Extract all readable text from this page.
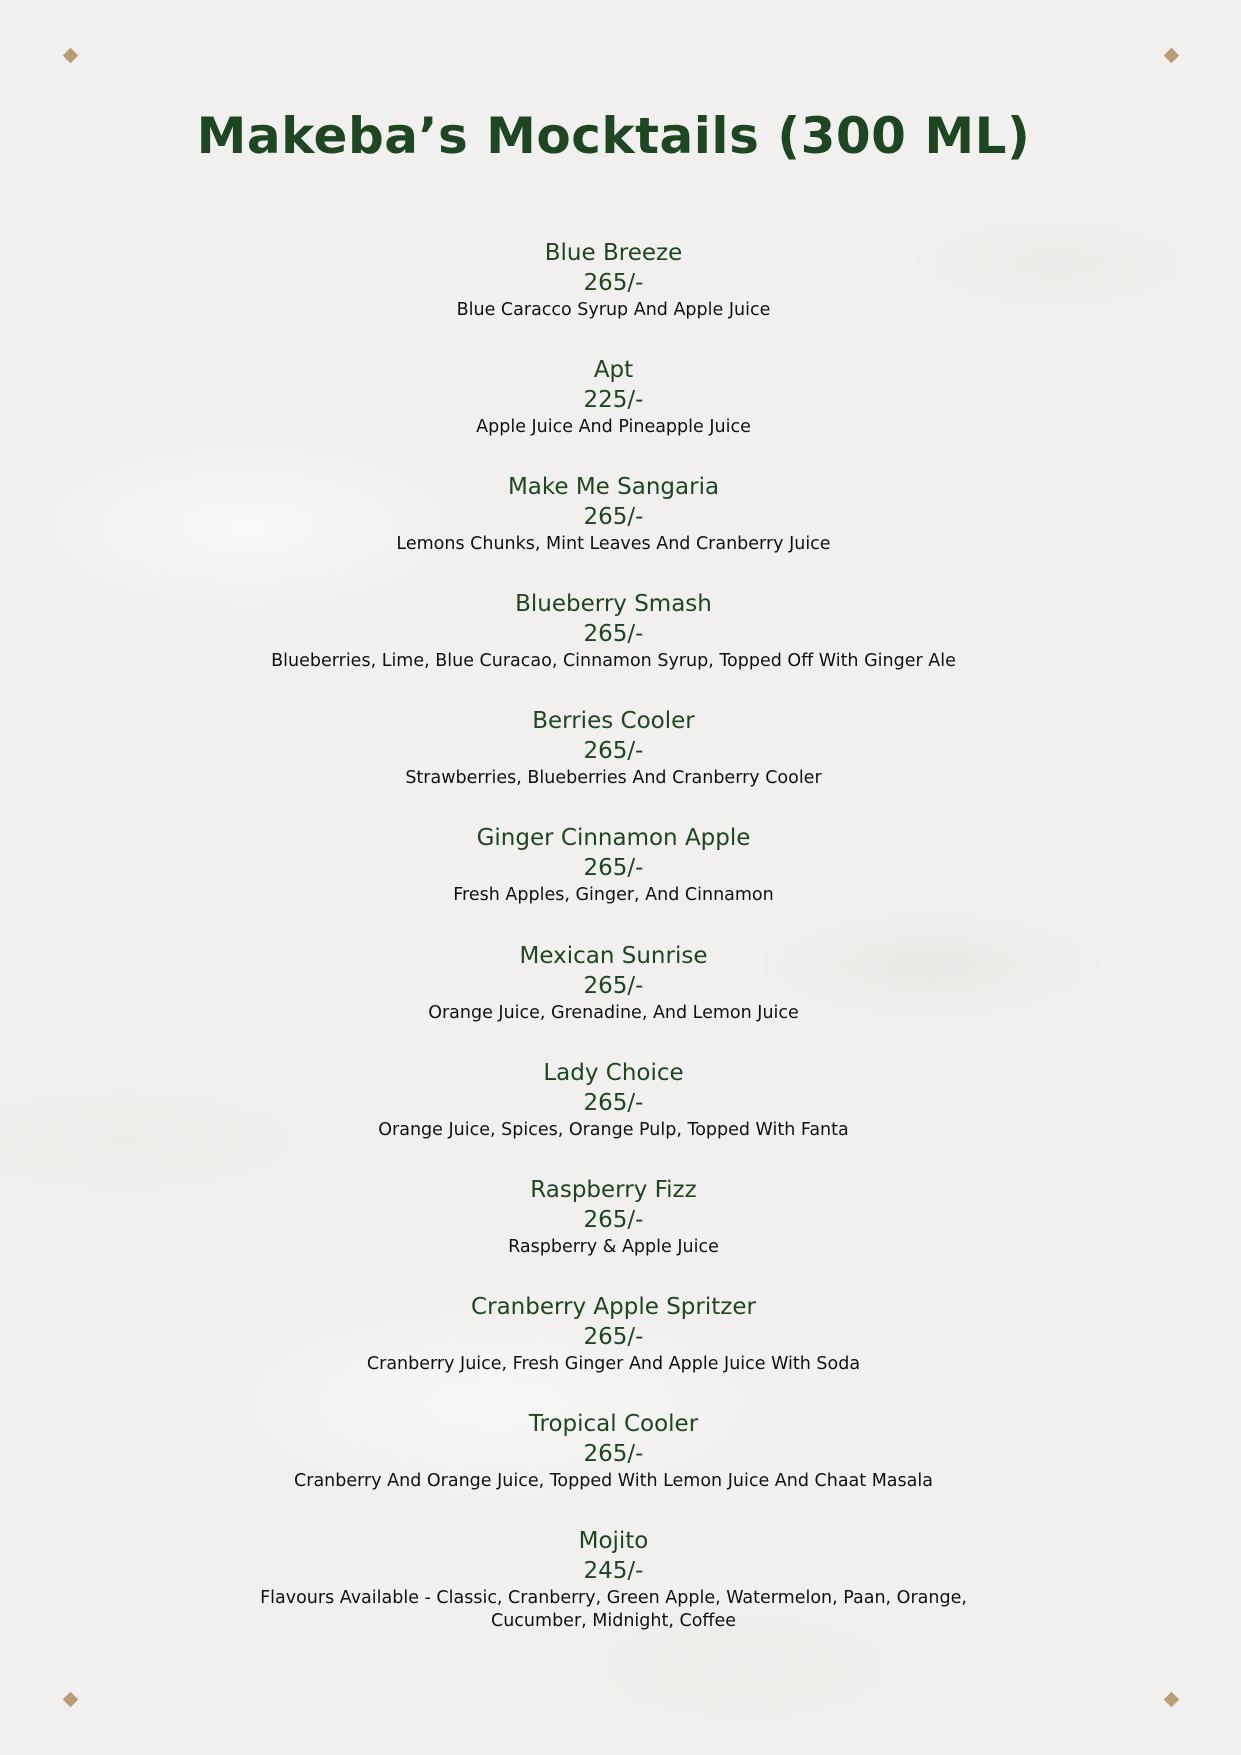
Makeba’s Mocktails (300 ML)
Blue Breeze
265/-
Blue Caracco Syrup And Apple Juice
Apt
225/-
Apple Juice And Pineapple Juice
Make Me Sangaria
265/-
Lemons Chunks, Mint Leaves And Cranberry Juice
Blueberry Smash
265/-
Blueberries, Lime, Blue Curacao, Cinnamon Syrup, Topped Off With Ginger Ale
Berries Cooler
265/-
Strawberries, Blueberries And Cranberry Cooler
Ginger Cinnamon Apple
265/-
Fresh Apples, Ginger, And Cinnamon
Mexican Sunrise
265/-
Orange Juice, Grenadine, And Lemon Juice
Lady Choice
265/-
Orange Juice, Spices, Orange Pulp, Topped With Fanta
Raspberry Fizz
265/-
Raspberry & Apple Juice
Cranberry Apple Spritzer
265/-
Cranberry Juice, Fresh Ginger And Apple Juice With Soda
Tropical Cooler
265/-
Cranberry And Orange Juice, Topped With Lemon Juice And Chaat Masala
Mojito
245/-
Flavours Available - Classic, Cranberry, Green Apple, Watermelon, Paan, Orange,
Cucumber, Midnight, Coffee
